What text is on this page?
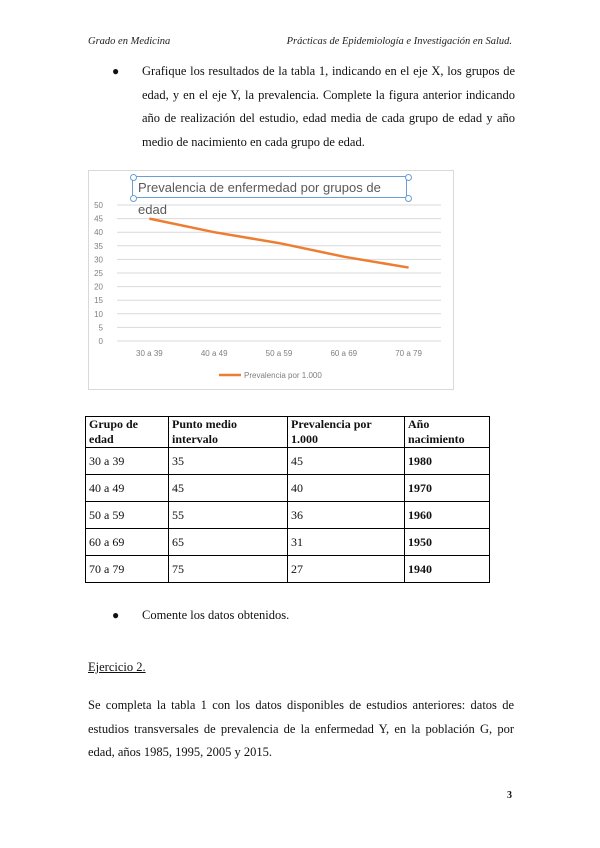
Grado en Medicina	Prácticas de Epidemiología e Investigación en Salud.
●	Grafique los resultados de la tabla 1, indicando en el eje X, los grupos de edad, y en el eje Y, la prevalencia. Complete la figura anterior indicando año de realización del estudio, edad media de cada grupo de edad y año medio de nacimiento en cada grupo de edad.
50
45
40
35
30
25
20
15
10
5
0
30 a 39	40 a 49	50 a 59	60 a 69	70 a 79
Prevalencia por 1.000
Prevalencia de enfermedad por grupos de edad
Grupo de edad	Punto medio intervalo	Prevalencia por 1.000	Año nacimiento
30 a 39	35	45	1980
40 a 49	45	40	1970
50 a 59	55	36	1960
60 a 69	65	31	1950
70 a 79	75	27	1940
●	Comente los datos obtenidos.
Ejercicio 2.
Se completa la tabla 1 con los datos disponibles de estudios anteriores: datos de estudios transversales de prevalencia de la enfermedad Y, en la población G, por edad, años 1985, 1995, 2005 y 2015.
3
